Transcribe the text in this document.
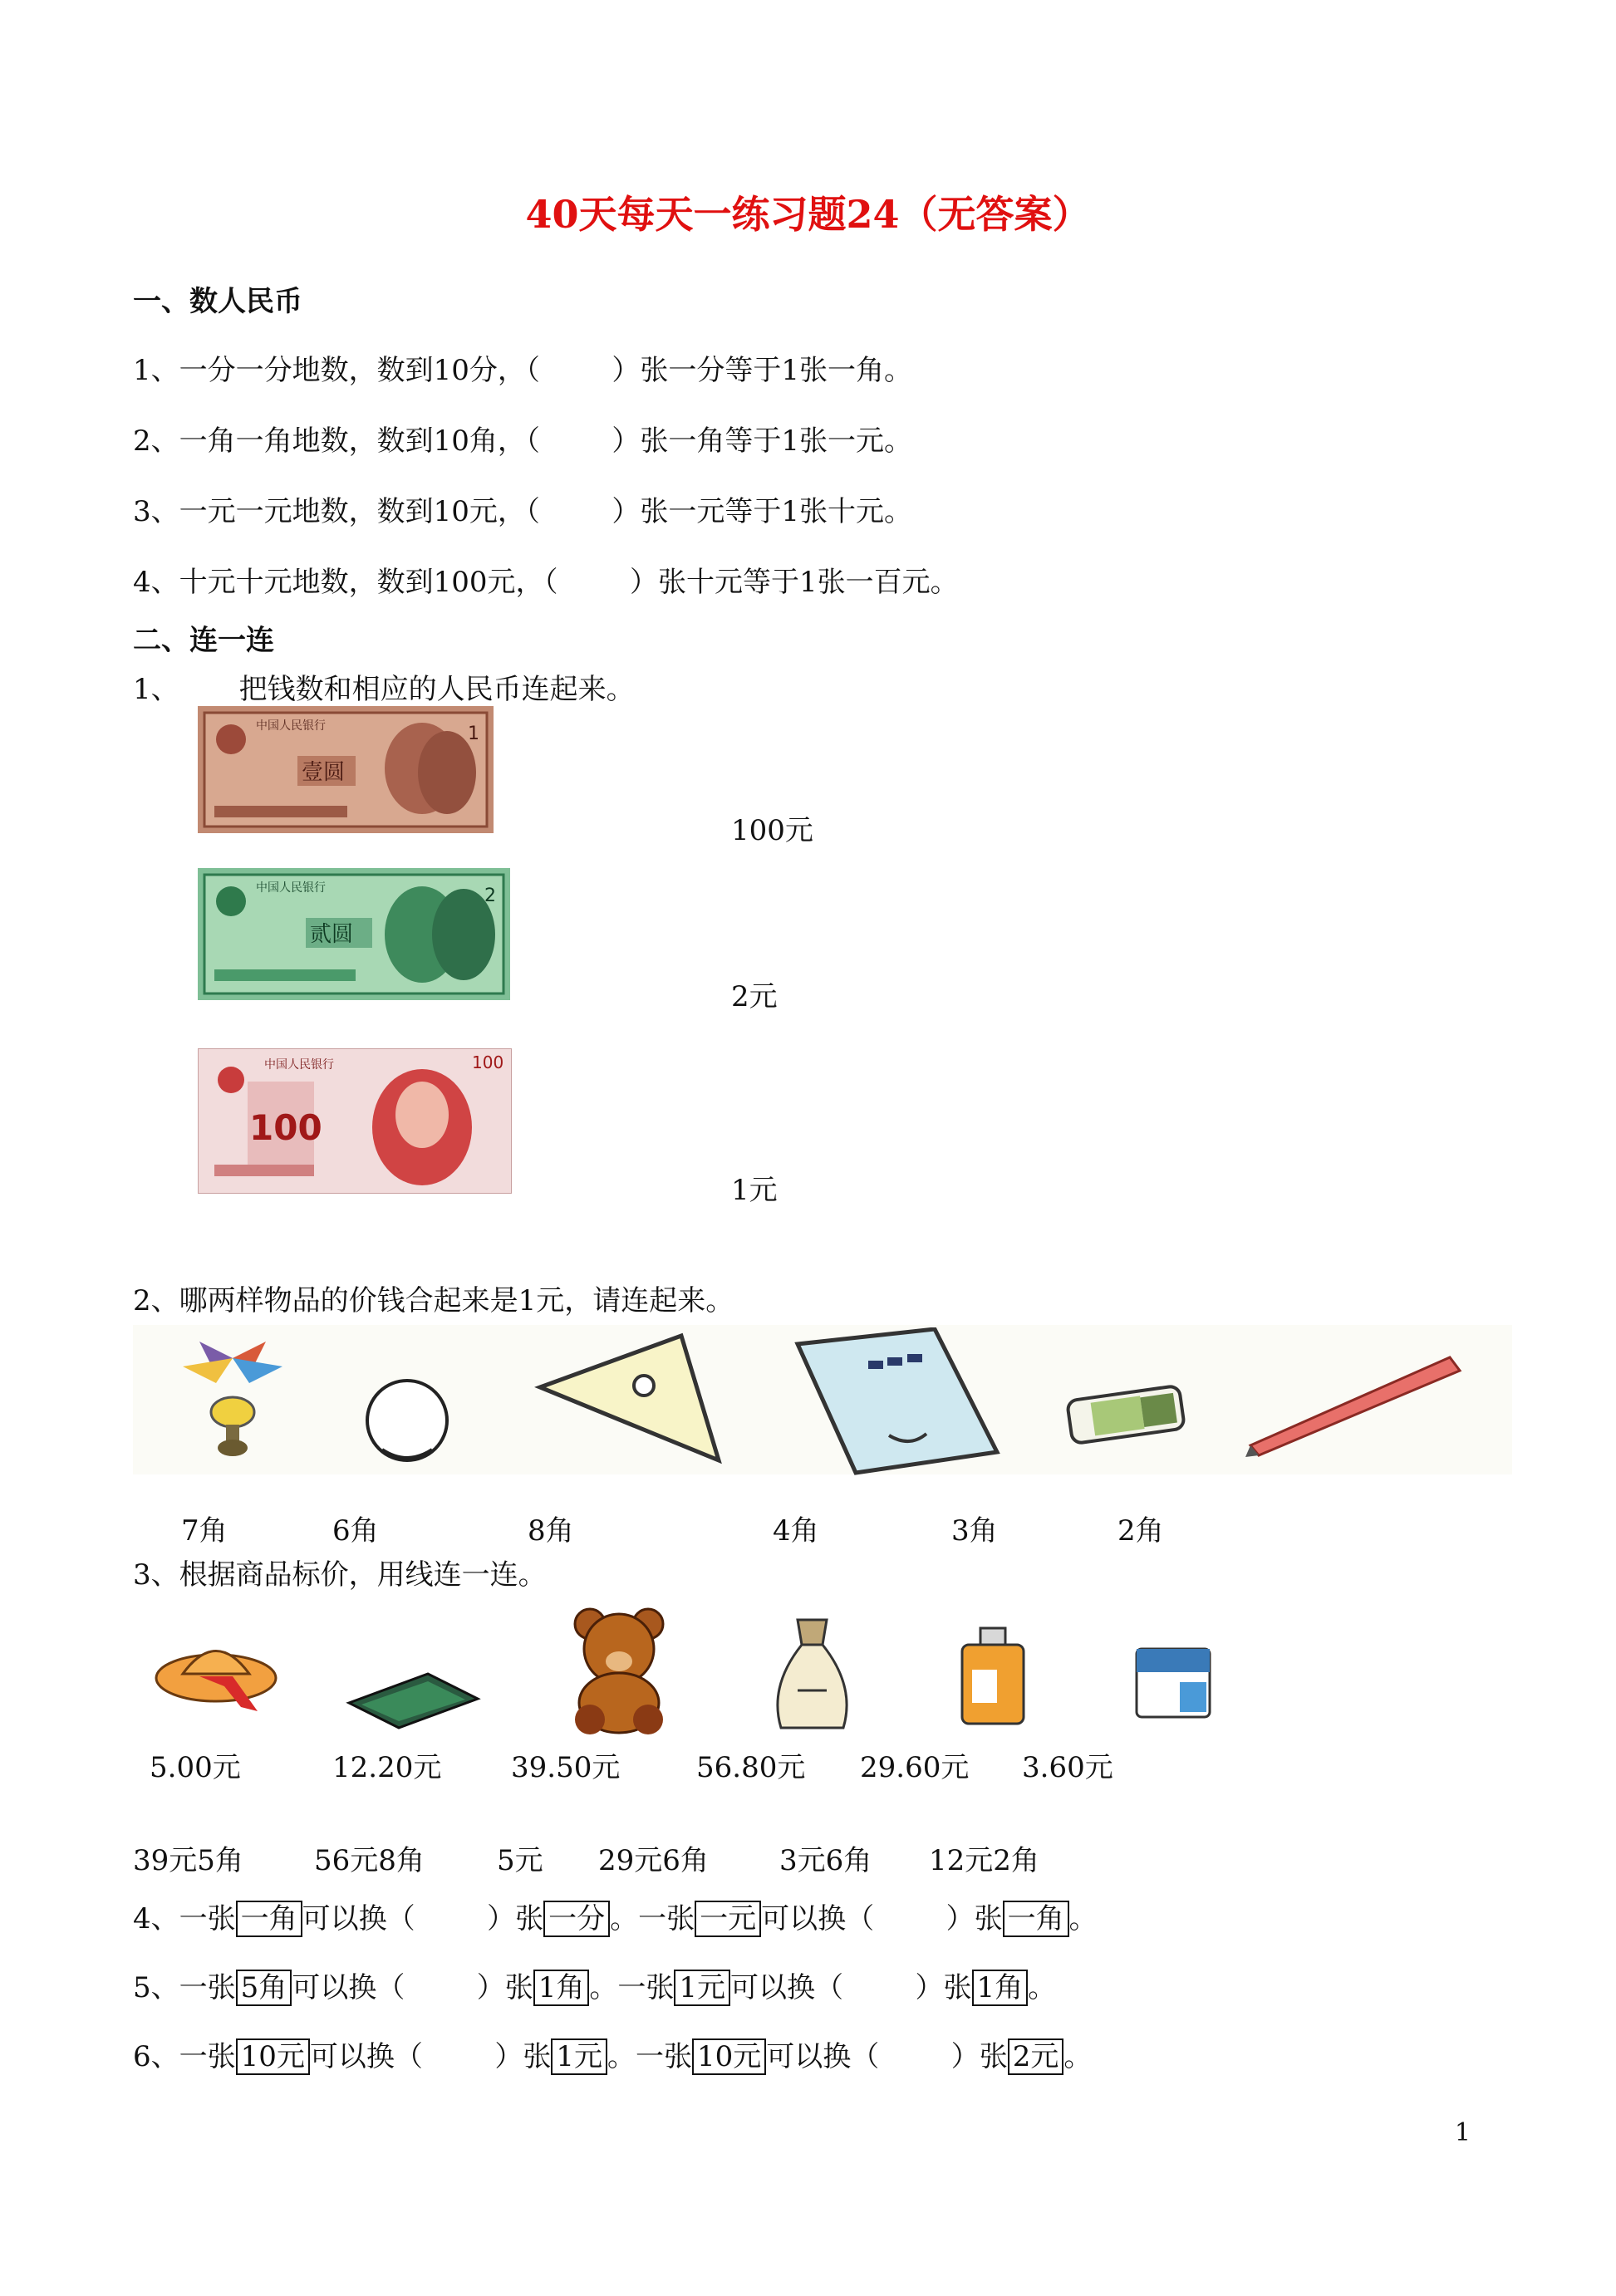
40天每天一练习题24（无答案）
一、数人民币
1、一分一分地数，数到10分，（        ）张一分等于1张一角。
2、一角一角地数，数到10角，（        ）张一角等于1张一元。
3、一元一元地数，数到10元，（        ）张一元等于1张十元。
4、十元十元地数，数到100元，（        ）张十元等于1张一百元。
二、连一连
1、 把钱数和相应的人民币连起来。
中国人民银行
壹圆
1
中国人民银行
贰圆
2
中国人民银行
100
100
100元
2元
1元
2、哪两样物品的价钱合起来是1元，请连起来。
7角	6角	8角	4角	3角	2角
3、根据商品标价，用线连一连。
5.00元	12.20元 39.50元	56.80元 29.60元 3.60元
39元5角	56元8角	5元 29元6角	3元6角 12元2角
4、一张 一角 可以换（        ）张 一分 。一张 一元 可以换（        ）张 一角 。
5、一张 5角 可以换（        ）张 1角 。一张 1元 可以换（        ）张 1角 。
6、一张 10元 可以换（        ）张 1元 。一张 10元 可以换（        ）张 2元 。
1
